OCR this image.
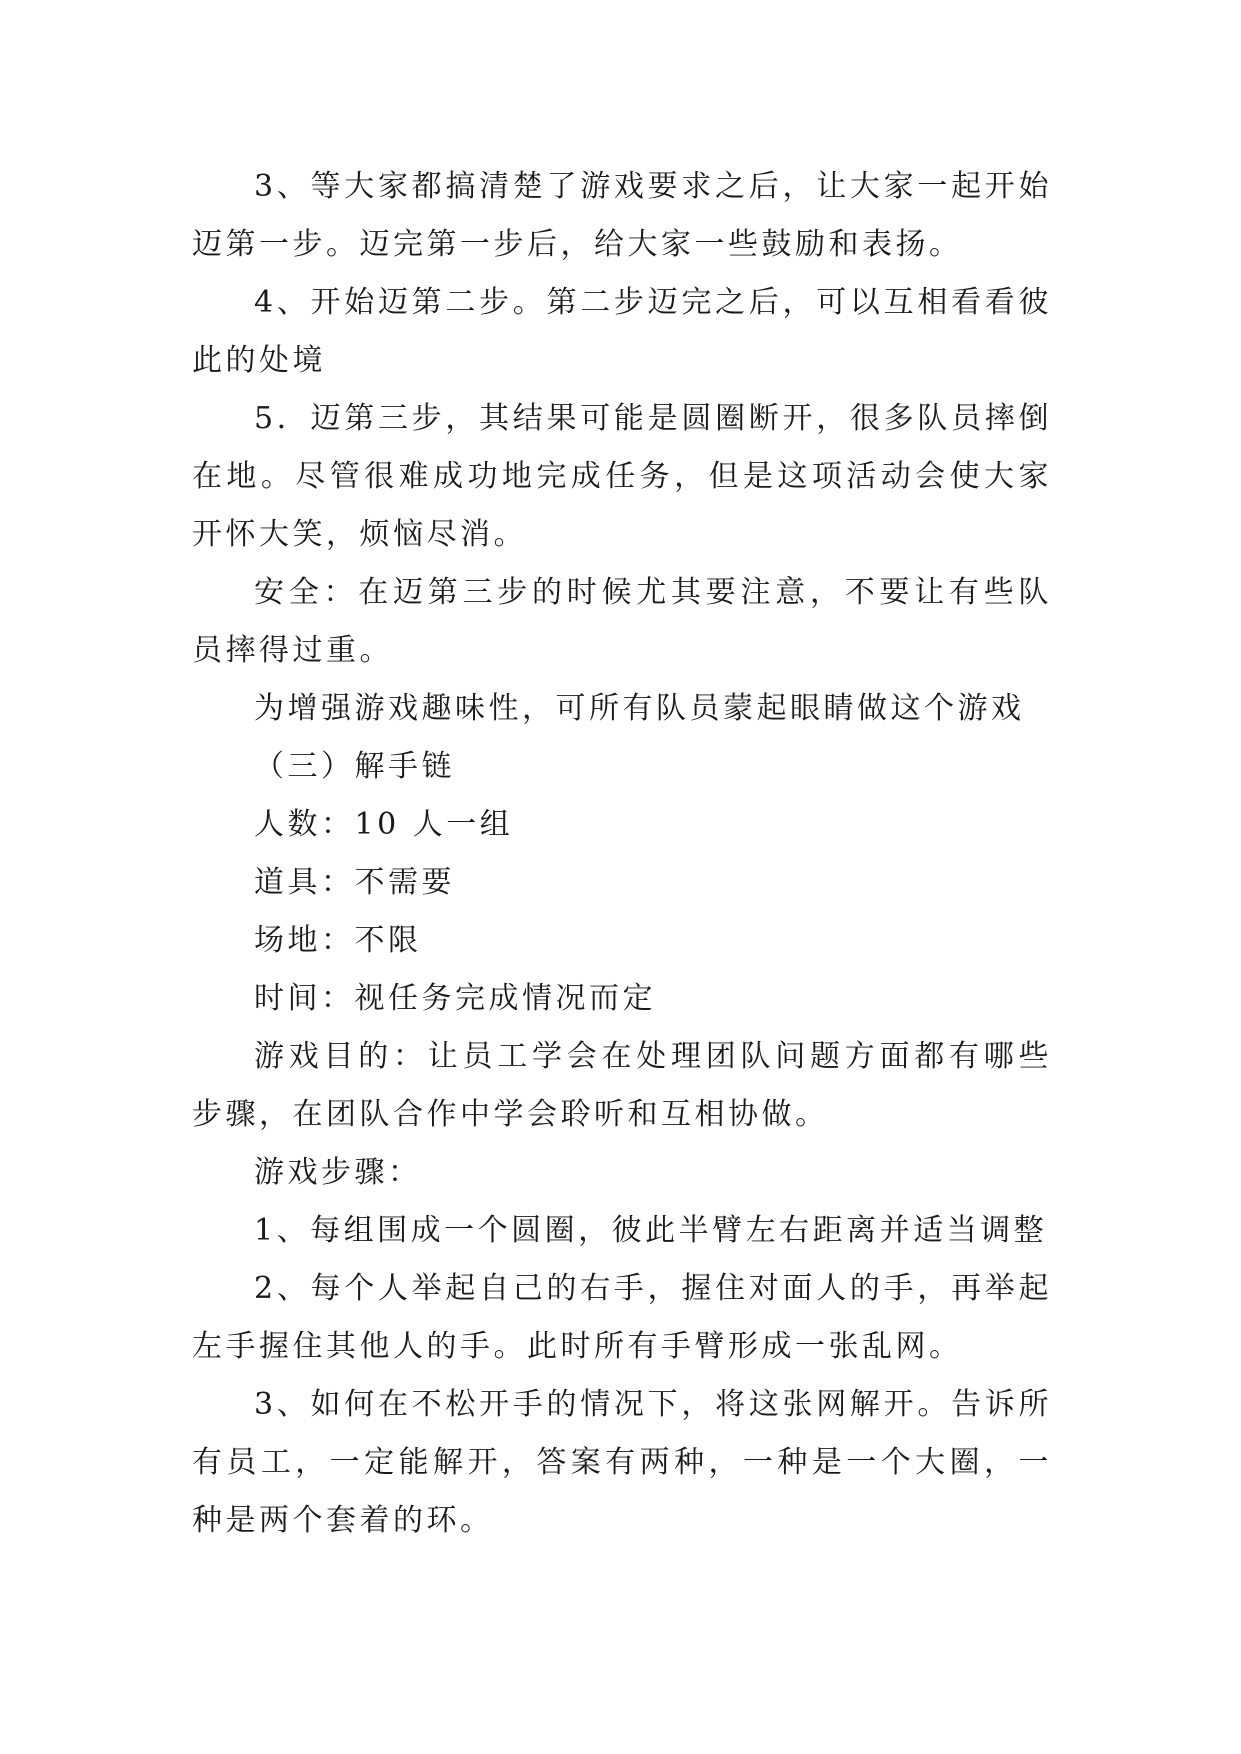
3、等大家都搞清楚了游戏要求之后，让大家一起开始迈第一步。迈完第一步后，给大家一些鼓励和表扬。

4、开始迈第二步。第二步迈完之后，可以互相看看彼此的处境

5．迈第三步，其结果可能是圆圈断开，很多队员摔倒在地。尽管很难成功地完成任务，但是这项活动会使大家开怀大笑，烦恼尽消。

安全：在迈第三步的时候尤其要注意，不要让有些队员摔得过重。

为增强游戏趣味性，可所有队员蒙起眼睛做这个游戏

（三）解手链

人数：10 人一组

道具：不需要

场地：不限

时间：视任务完成情况而定

游戏目的：让员工学会在处理团队问题方面都有哪些步骤，在团队合作中学会聆听和互相协做。

游戏步骤：

1、每组围成一个圆圈，彼此半臂左右距离并适当调整

2、每个人举起自己的右手，握住对面人的手，再举起左手握住其他人的手。此时所有手臂形成一张乱网。

3、如何在不松开手的情况下，将这张网解开。告诉所有员工，一定能解开，答案有两种，一种是一个大圈，一种是两个套着的环。
